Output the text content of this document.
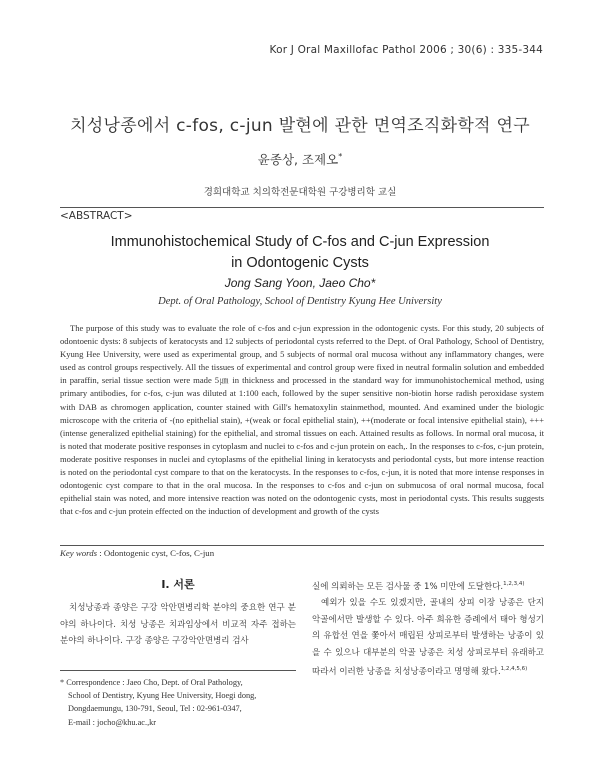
Kor J Oral Maxillofac Pathol 2006 ; 30(6) : 335-344
치성낭종에서 c-fos, c-jun 발현에 관한 면역조직화학적 연구
윤종상, 조제오*
경희대학교 치의학전문대학원 구강병리학 교실
<ABSTRACT>
Immunohistochemical Study of C-fos and C-jun Expression
in Odontogenic Cysts
Jong Sang Yoon, Jaeo Cho*
Dept. of Oral Pathology, School of Dentistry Kyung Hee University
The purpose of this study was to evaluate the role of c-fos and c-jun expression in the odontogenic cysts. For this study, 20 subjects of odontoenic dysts: 8 subjects of keratocysts and 12 subjects of periodontal cysts referred to the Dept. of Oral Pathology, School of Dentistry, Kyung Hee University, were used as experimental group, and 5 subjects of normal oral mucosa without any inflammatory changes, were used as control groups respectively. All the tissues of experimental and control group were fixed in neutral formalin solution and embedded in paraffin, serial tissue section were made 5㎛ in thickness and processed in the standard way for immunohistochemical method, using primary antibodies, for c-fos, c-jun was diluted at 1:100 each, followed by the super sensitive non-biotin horse radish peroxidase system with DAB as chromogen application, counter stained with Gill's hematoxylin stainmethod, mounted. And examined under the biologic microscope with the criteria of -(no epithelial stain), +(weak or focal epithelial stain), ++(moderate or focal intensive epithelial stain), +++(intense generalized epithelial staining) for the epithelial, and stromal tissues on each. Attained results as follows. In normal oral mucosa, it is noted that moderate positive responses in cytoplasm and nuclei to c-fos and c-jun protein on each,. In the responses to c-fos, c-jun protein, moderate positive responses in nuclei and cytoplasms of the epithelial lining in keratocysts and periodontal cysts, but more intense reaction is noted on the periodontal cyst compare to that on the keratocysts. In the responses to c-fos, c-jun, it is noted that more intense responses in odontogenic cyst compare to that in the oral mucosa. In the responses to c-fos and c-jun on submucosa of oral normal mucosa, focal epithelial stain was noted, and more intensive reaction was noted on the odontogenic cysts, most in periodontal cysts. This results suggests that c-fos and c-jun protein effected on the induction of development and growth of the cysts
Key words : Odontogenic cyst, C-fos, C-jun
Ⅰ. 서론
치성낭종과 종양은 구강 악안면병리학 분야의 중요한 연구 분야의 하나이다. 치성 낭종은 치과임상에서 비교적 자주 접하는 분야의 하나이다. 구강 종양은 구강악안면병리 검사

실에 의뢰하는 모든 검사물 중 1% 미만에 도달한다.$^{1,2,3,4)}$

예외가 있을 수도 있겠지만, 골내의 상피 이장 낭종은 단지 악골에서만 발생할 수 있다. 아주 희유한 증례에서 태아 형성기의 유합선 연을 쫓아서 매립된 상피로부터 발생하는 낭종이 있을 수 있으나 대부분의 악골 낭종은 치성 상피로부터 유래하고 따라서 이러한 낭종을 치성낭종이라고 명명해 왔다.$^{1,2,4,5,6)}$

* Correspondence : Jaeo Cho, Dept. of Oral Pathology,
School of Dentistry, Kyung Hee University, Hoegi dong,
Dongdaemungu, 130-791, Seoul, Tel : 02-961-0347,
E-mail : jocho@khu.ac.,kr
